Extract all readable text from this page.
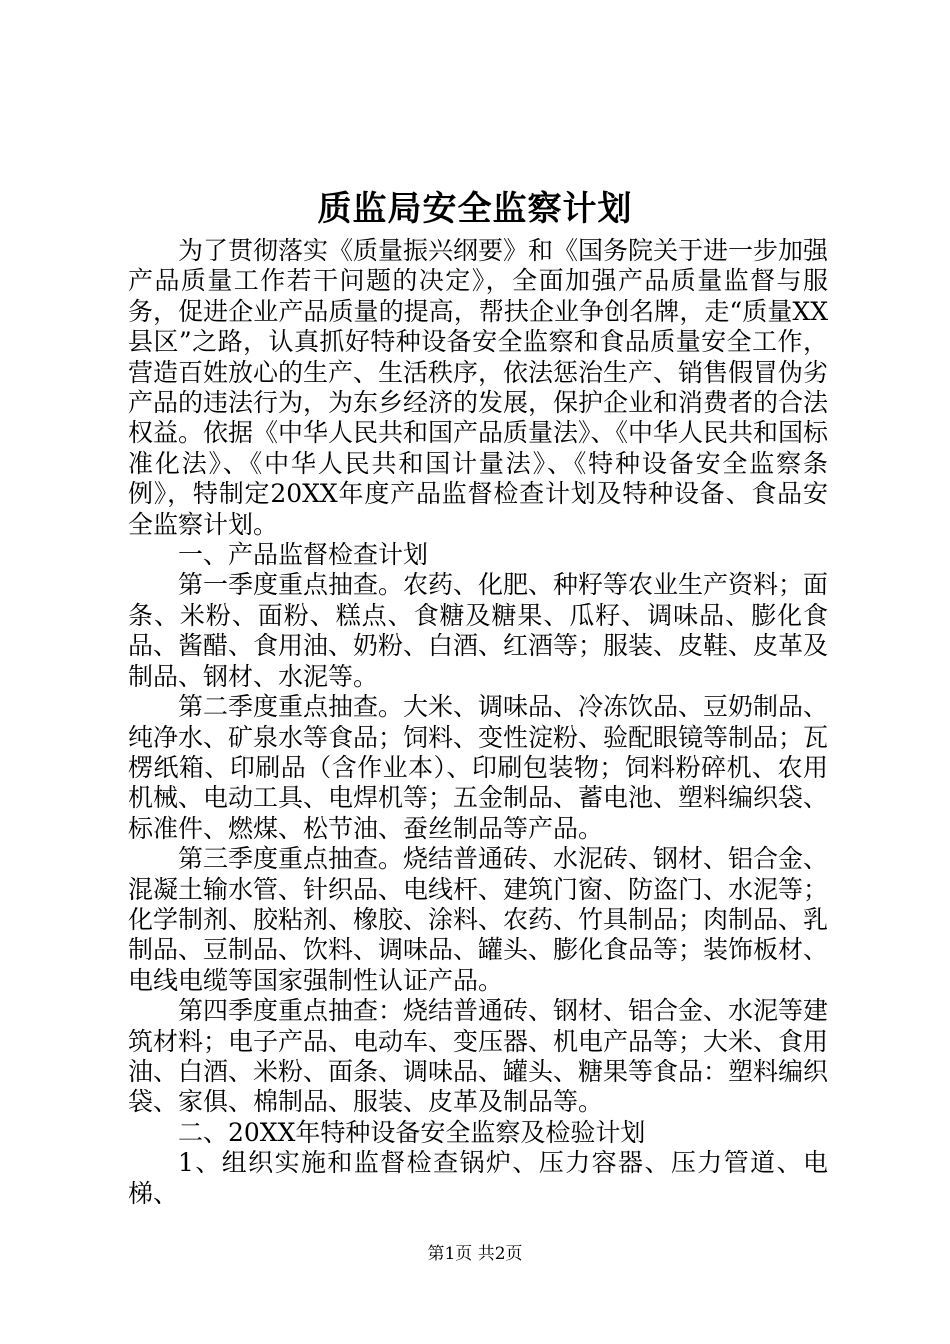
质监局安全监察计划

为了贯彻落实《质量振兴纲要》和《国务院关于进一步加强产品质量工作若干问题的决定》，全面加强产品质量监督与服务，促进企业产品质量的提高，帮扶企业争创名牌，走“质量XX县区”之路，认真抓好特种设备安全监察和食品质量安全工作，营造百姓放心的生产、生活秩序，依法惩治生产、销售假冒伪劣产品的违法行为，为东乡经济的发展，保护企业和消费者的合法权益。依据《中华人民共和国产品质量法》、《中华人民共和国标准化法》、《中华人民共和国计量法》、《特种设备安全监察条例》，特制定20XX年度产品监督检查计划及特种设备、食品安全监察计划。

一、产品监督检查计划

第一季度重点抽查。农药、化肥、种籽等农业生产资料；面条、米粉、面粉、糕点、食糖及糖果、瓜籽、调味品、膨化食品、酱醋、食用油、奶粉、白酒、红酒等；服装、皮鞋、皮革及制品、钢材、水泥等。

第二季度重点抽查。大米、调味品、冷冻饮品、豆奶制品、纯净水、矿泉水等食品；饲料、变性淀粉、验配眼镜等制品；瓦楞纸箱、印刷品（含作业本）、印刷包装物；饲料粉碎机、农用机械、电动工具、电焊机等；五金制品、蓄电池、塑料编织袋、标准件、燃煤、松节油、蚕丝制品等产品。

第三季度重点抽查。烧结普通砖、水泥砖、钢材、铝合金、混凝土输水管、针织品、电线杆、建筑门窗、防盗门、水泥等；化学制剂、胶粘剂、橡胶、涂料、农药、竹具制品；肉制品、乳制品、豆制品、饮料、调味品、罐头、膨化食品等；装饰板材、电线电缆等国家强制性认证产品。

第四季度重点抽查：烧结普通砖、钢材、铝合金、水泥等建筑材料；电子产品、电动车、变压器、机电产品等；大米、食用油、白酒、米粉、面条、调味品、罐头、糖果等食品：塑料编织袋、家俱、棉制品、服装、皮革及制品等。

二、20XX年特种设备安全监察及检验计划

1、组织实施和监督检查锅炉、压力容器、压力管道、电梯、

第1页 共2页
